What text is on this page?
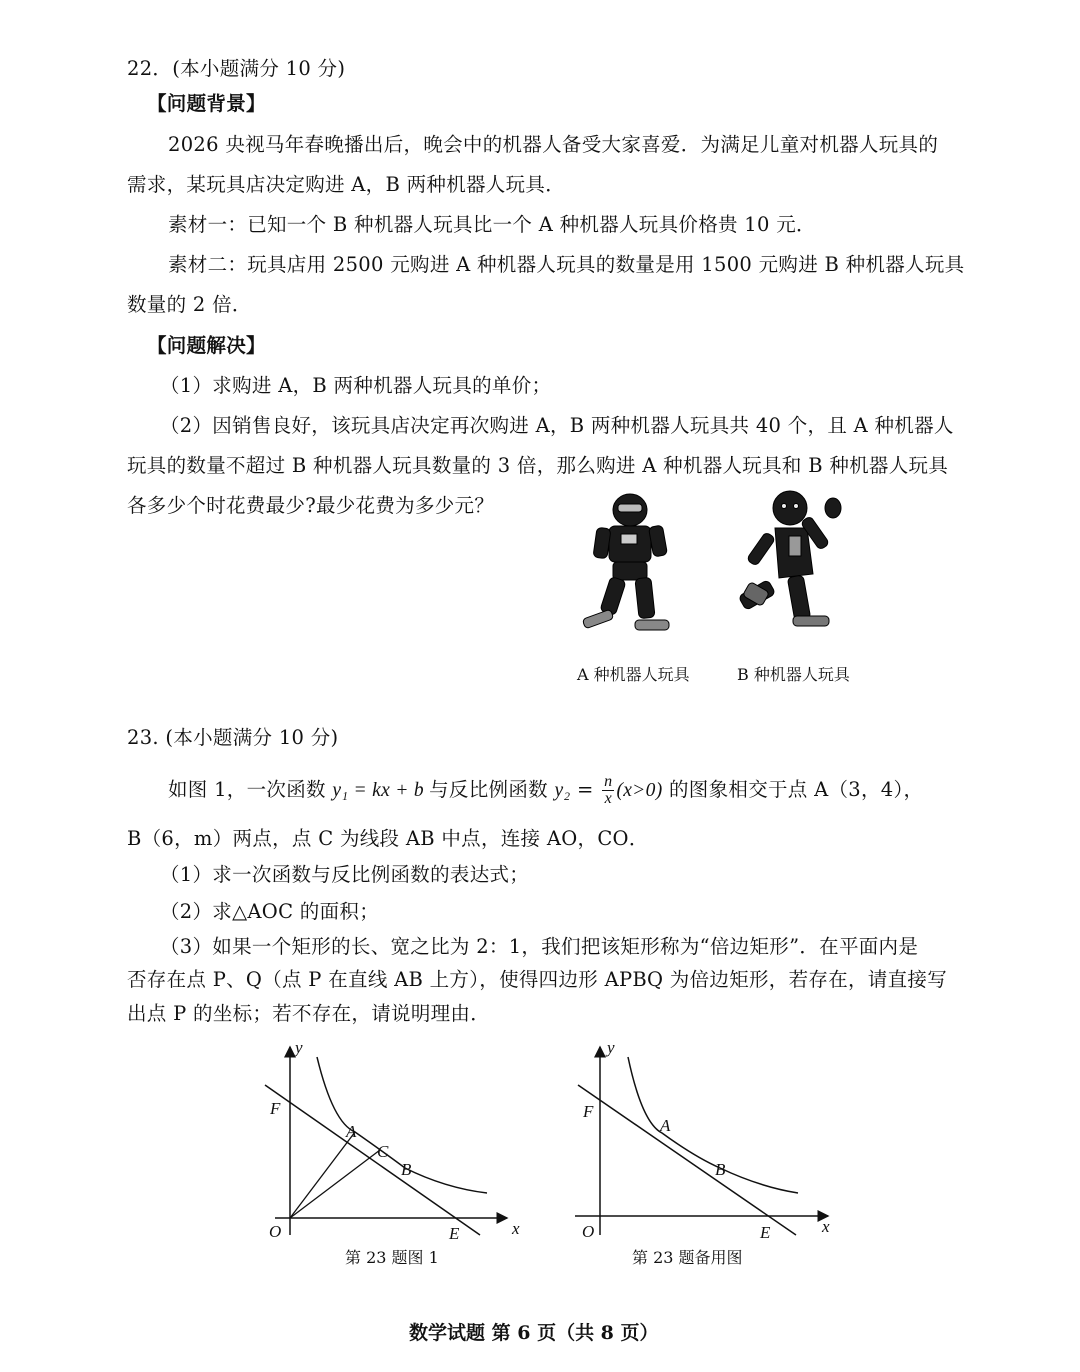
22．(本小题满分 10 分)
【问题背景】
2026 央视马年春晚播出后，晚会中的机器人备受大家喜爱．为满足儿童对机器人玩具的
需求，某玩具店决定购进 A，B 两种机器人玩具．
素材一：已知一个 B 种机器人玩具比一个 A 种机器人玩具价格贵 10 元．
素材二：玩具店用 2500 元购进 A 种机器人玩具的数量是用 1500 元购进 B 种机器人玩具
数量的 2 倍．
【问题解决】
（1）求购进 A，B 两种机器人玩具的单价；
（2）因销售良好，该玩具店决定再次购进 A，B 两种机器人玩具共 40 个，且 A 种机器人
玩具的数量不超过 B 种机器人玩具数量的 3 倍，那么购进 A 种机器人玩具和 B 种机器人玩具
各多少个时花费最少?最少花费为多少元？
A 种机器人玩具	B 种机器人玩具
23. (本小题满分 10 分)
如图 1，一次函数 y₁ = kx + b 与反比例函数 $y_2 = \frac{n}{x} (x>0)$ 的图象相交于点 A（3，4），
B（6，m）两点，点 C 为线段 AB 中点，连接 AO，CO．
（1）求一次函数与反比例函数的表达式；
（2）求△AOC 的面积；
（3）如果一个矩形的长、宽之比为 2：1，我们把该矩形称为“倍边矩形”．在平面内是
否存在点 P、Q（点 P 在直线 AB 上方），使得四边形 APBQ 为倍边矩形，若存在，请直接写
出点 P 的坐标；若不存在，请说明理由．
y
F
A
C
B
O	E	x
第 23 题图 1
y
F
A
B
O	E	x
第 23 题备用图
数学试题 第 6 页（共 8 页）
